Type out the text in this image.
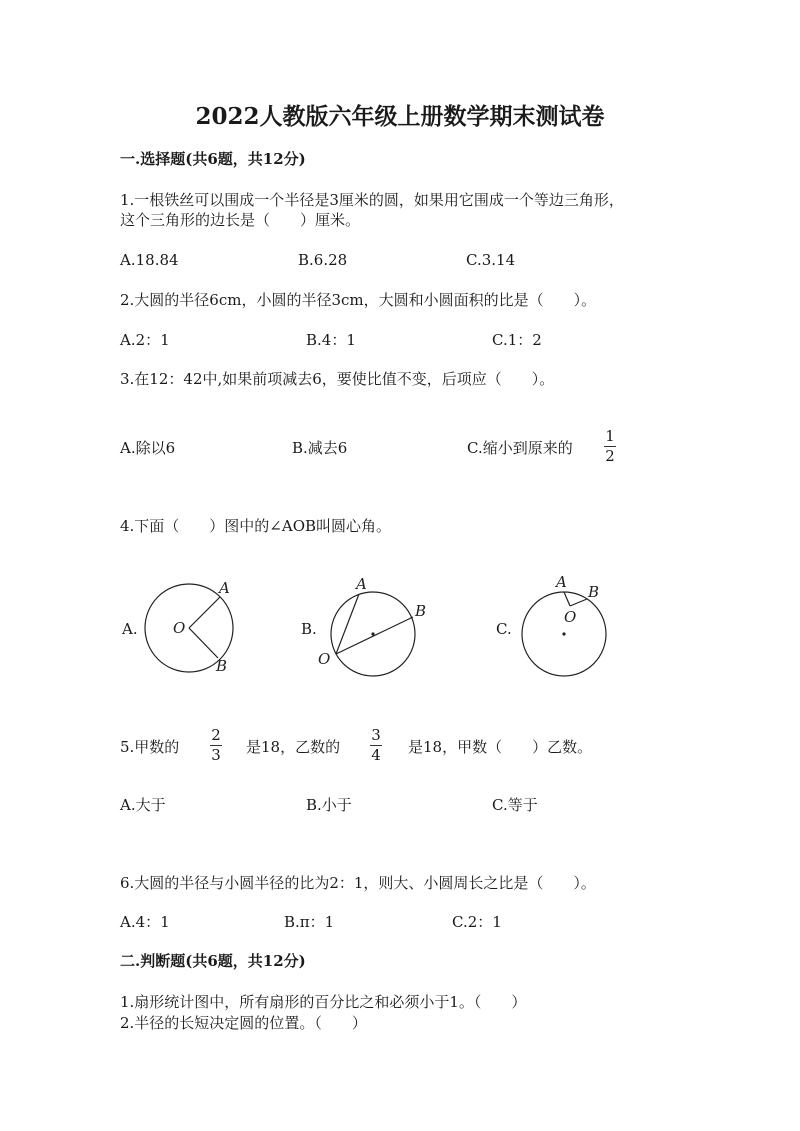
2022人教版六年级上册数学期末测试卷
一.选择题(共6题，共12分)
1.一根铁丝可以围成一个半径是3厘米的圆，如果用它围成一个等边三角形，
这个三角形的边长是（　　）厘米。
A.18.84	B.6.28	C.3.14
2.大圆的半径6cm，小圆的半径3cm，大圆和小圆面积的比是（　　）。
A.2：1	B.4：1	C.1：2
3.在12：42中,如果前项减去6，要使比值不变，后项应（　　）。
A.除以6	B.减去6	C.缩小到原来的
1
2
4.下面（　　）图中的∠AOB叫圆心角。
A. O
A
B
B.
O
A
B
C.
A
B
O
5.甲数的
2
3 是18，乙数的
3
4 是18，甲数（　　）乙数。
A.大于	B.小于	C.等于
6.大圆的半径与小圆半径的比为2：1，则大、小圆周长之比是（　　）。
A.4：1	B.π：1	C.2：1
二.判断题(共6题，共12分)
1.扇形统计图中，所有扇形的百分比之和必须小于1。（　　）
2.半径的长短决定圆的位置。（　　）
